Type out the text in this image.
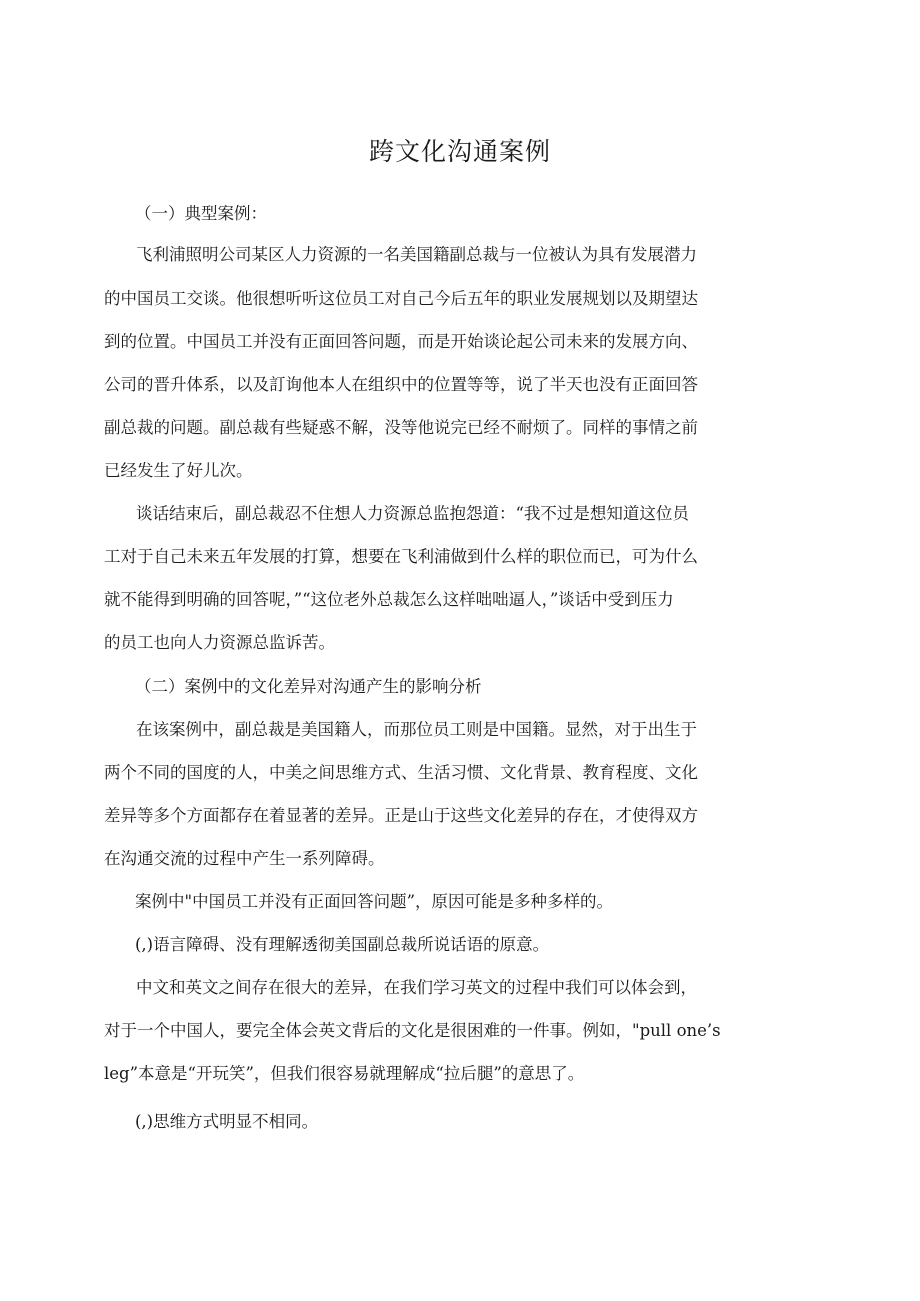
跨文化沟通案例
（一）典型案例：
飞利浦照明公司某区人力资源的一名美国籍副总裁与一位被认为具有发展潜力
的中国员工交谈。他很想听听这位员工对自己今后五年的职业发展规划以及期望达
到的位置。中国员工并没有正面回答问题，而是开始谈论起公司未来的发展方向、
公司的晋升体系，以及訂询他本人在组织中的位置等等，说了半天也没有正面回答
副总裁的问题。副总裁有些疑惑不解，没等他说完已经不耐烦了。同样的事情之前
已经发生了好儿次。
谈话结束后，副总裁忍不住想人力资源总监抱怨道：“我不过是想知道这位员
工对于自己未来五年发展的打算，想要在飞利浦做到什么样的职位而已，可为什么
就不能得到明确的回答呢，”“这位老外总裁怎么这样咄咄逼人，”谈话中受到压力
的员工也向人力资源总监诉苦。
（二）案例中的文化差异对沟通产生的影响分析
在该案例中，副总裁是美国籍人，而那位员工则是中国籍。显然，对于出生于
两个不同的国度的人，中美之间思维方式、生活习惯、文化背景、教育程度、文化
差异等多个方面都存在着显著的差异。正是山于这些文化差异的存在，才使得双方
在沟通交流的过程中产生一系列障碍。
案例中"中国员工并没有正面回答问题”，原因可能是多种多样的。
(,)语言障碍、没有理解透彻美国副总裁所说话语的原意。
中文和英文之间存在很大的差异，在我们学习英文的过程中我们可以体会到，
对于一个中国人，要完全体会英文背后的文化是很困难的一件事。例如，"pull one’s
leg”本意是“开玩笑”，但我们很容易就理解成“拉后腿”的意思了。
(,)思维方式明显不相同。
